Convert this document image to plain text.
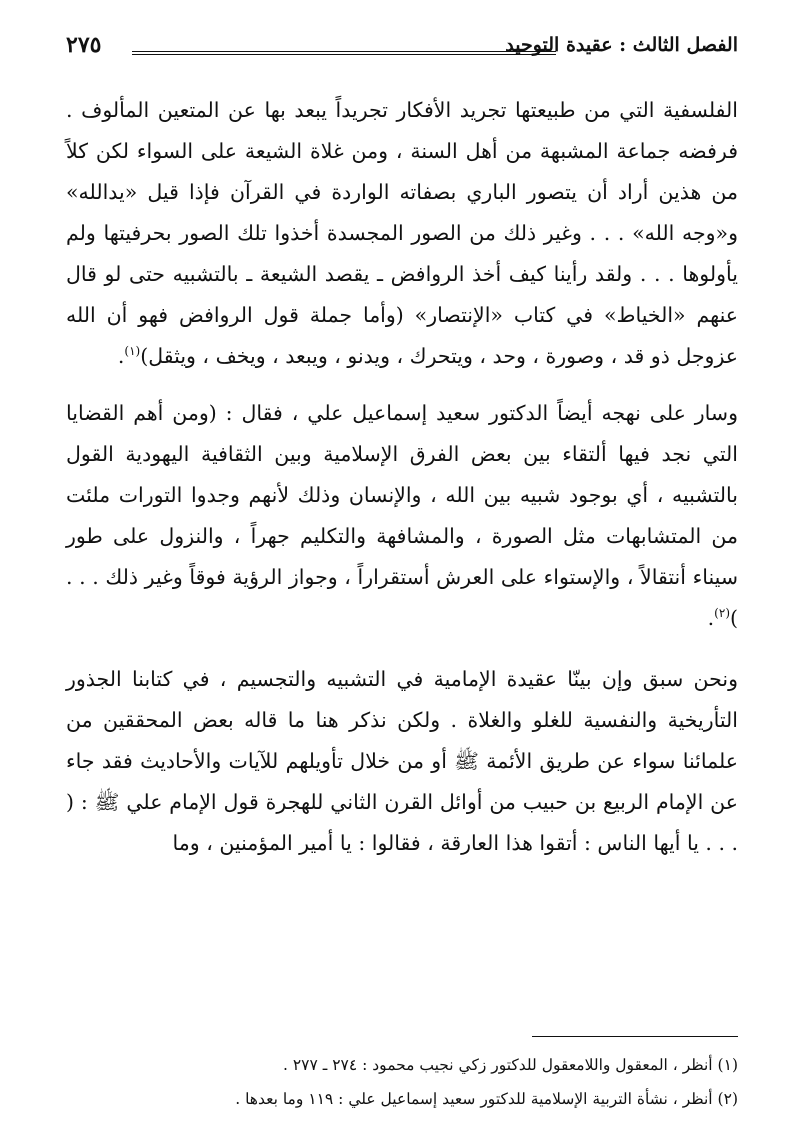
الفصل الثالث : عقيدة التوحيد
٢٧٥

الفلسفية التي من طبيعتها تجريد الأفكار تجريداً يبعد بها عن المتعين المألوف . فرفضه جماعة المشبهة من أهل السنة ، ومن غلاة الشيعة على السواء لكن كلاً من هذين أراد أن يتصور الباري بصفاته الواردة في القرآن فإذا قيل «يدالله» و«وجه الله» . . . وغير ذلك من الصور المجسدة أخذوا تلك الصور بحرفيتها ولم يأولوها . . . ولقد رأينا كيف أخذ الروافض ـ يقصد الشيعة ـ بالتشبيه حتى لو قال عنهم «الخياط» في كتاب «الإنتصار» (وأما جملة قول الروافض فهو أن الله عزوجل ذو قد ، وصورة ، وحد ، ويتحرك ، ويدنو ، ويبعد ، ويخف ، ويثقل)$^{(١)}$.

وسار على نهجه أيضاً الدكتور سعيد إسماعيل علي ، فقال : (ومن أهم القضايا التي نجد فيها ألتقاء بين بعض الفرق الإسلامية وبين الثقافية اليهودية القول بالتشبيه ، أي بوجود شبيه بين الله ، والإنسان وذلك لأنهم وجدوا التورات ملئت من المتشابهات مثل الصورة ، والمشافهة والتكليم جهراً ، والنزول على طور سيناء أنتقالاً ، والإستواء على العرش أستقراراً ، وجواز الرؤية فوقاً وغير ذلك . . . )$^{(٢)}$.

ونحن سبق وإن بينّا عقيدة الإمامية في التشبيه والتجسيم ، في كتابنا الجذور التأريخية والنفسية للغلو والغلاة . ولكن نذكر هنا ما قاله بعض المحققين من علمائنا سواء عن طريق الأئمة ﷺ أو من خلال تأويلهم للآيات والأحاديث فقد جاء عن الإمام الربيع بن حبيب من أوائل القرن الثاني للهجرة قول الإمام علي ﷺ : ( . . . يا أيها الناس : أتقوا هذا العارقة ، فقالوا : يا أمير المؤمنين ، وما

(١) أنظر ، المعقول واللامعقول للدكتور زكي نجيب محمود : ٢٧٤ ـ ٢٧٧ .

(٢) أنظر ، نشأة التربية الإسلامية للدكتور سعيد إسماعيل علي : ١١٩ وما بعدها .
